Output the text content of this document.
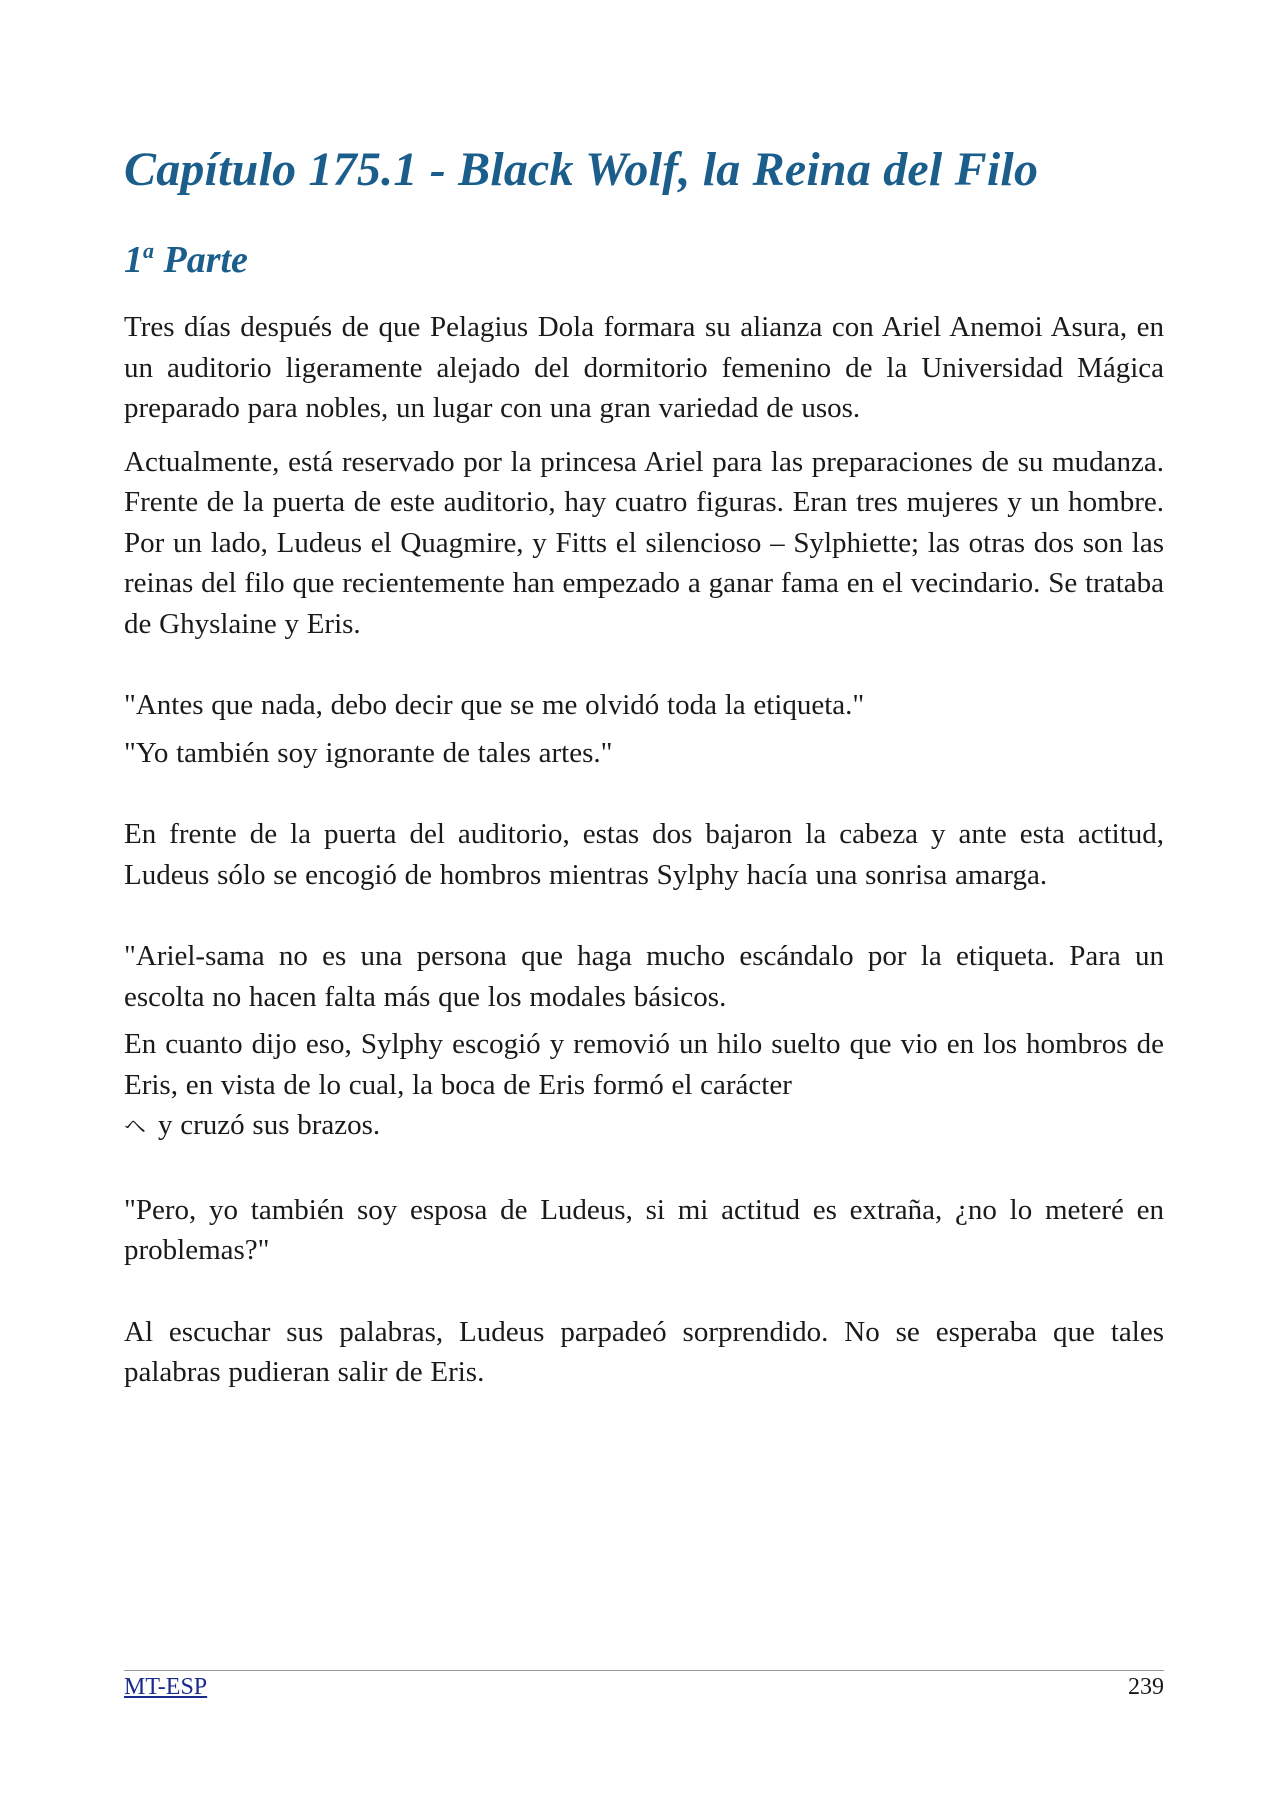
Capítulo 175.1 - Black Wolf, la Reina del Filo
1$^a$ Parte

Tres días después de que Pelagius Dola formara su alianza con Ariel Anemoi Asura, en un auditorio ligeramente alejado del dormitorio femenino de la Universidad Mágica preparado para nobles, un lugar con una gran variedad de usos.

Actualmente, está reservado por la princesa Ariel para las preparaciones de su mudanza. Frente de la puerta de este auditorio, hay cuatro figuras. Eran tres mujeres y un hombre. Por un lado, Ludeus el Quagmire, y Fitts el silencioso – Sylphiette; las otras dos son las reinas del filo que recientemente han empezado a ganar fama en el vecindario. Se trataba de Ghyslaine y Eris.

"Antes que nada, debo decir que se me olvidó toda la etiqueta."

"Yo también soy ignorante de tales artes."

En frente de la puerta del auditorio, estas dos bajaron la cabeza y ante esta actitud, Ludeus sólo se encogió de hombros mientras Sylphy hacía una sonrisa amarga.

"Ariel-sama no es una persona que haga mucho escándalo por la etiqueta. Para un escolta no hacen falta más que los modales básicos.

En cuanto dijo eso, Sylphy escogió y removió un hilo suelto que vio en los hombros de Eris, en vista de lo cual, la boca de Eris formó el carácter
ヘ y cruzó sus brazos.

"Pero, yo también soy esposa de Ludeus, si mi actitud es extraña, ¿no lo meteré en problemas?"

Al escuchar sus palabras, Ludeus parpadeó sorprendido. No se esperaba que tales palabras pudieran salir de Eris.

MT-ESP	239
